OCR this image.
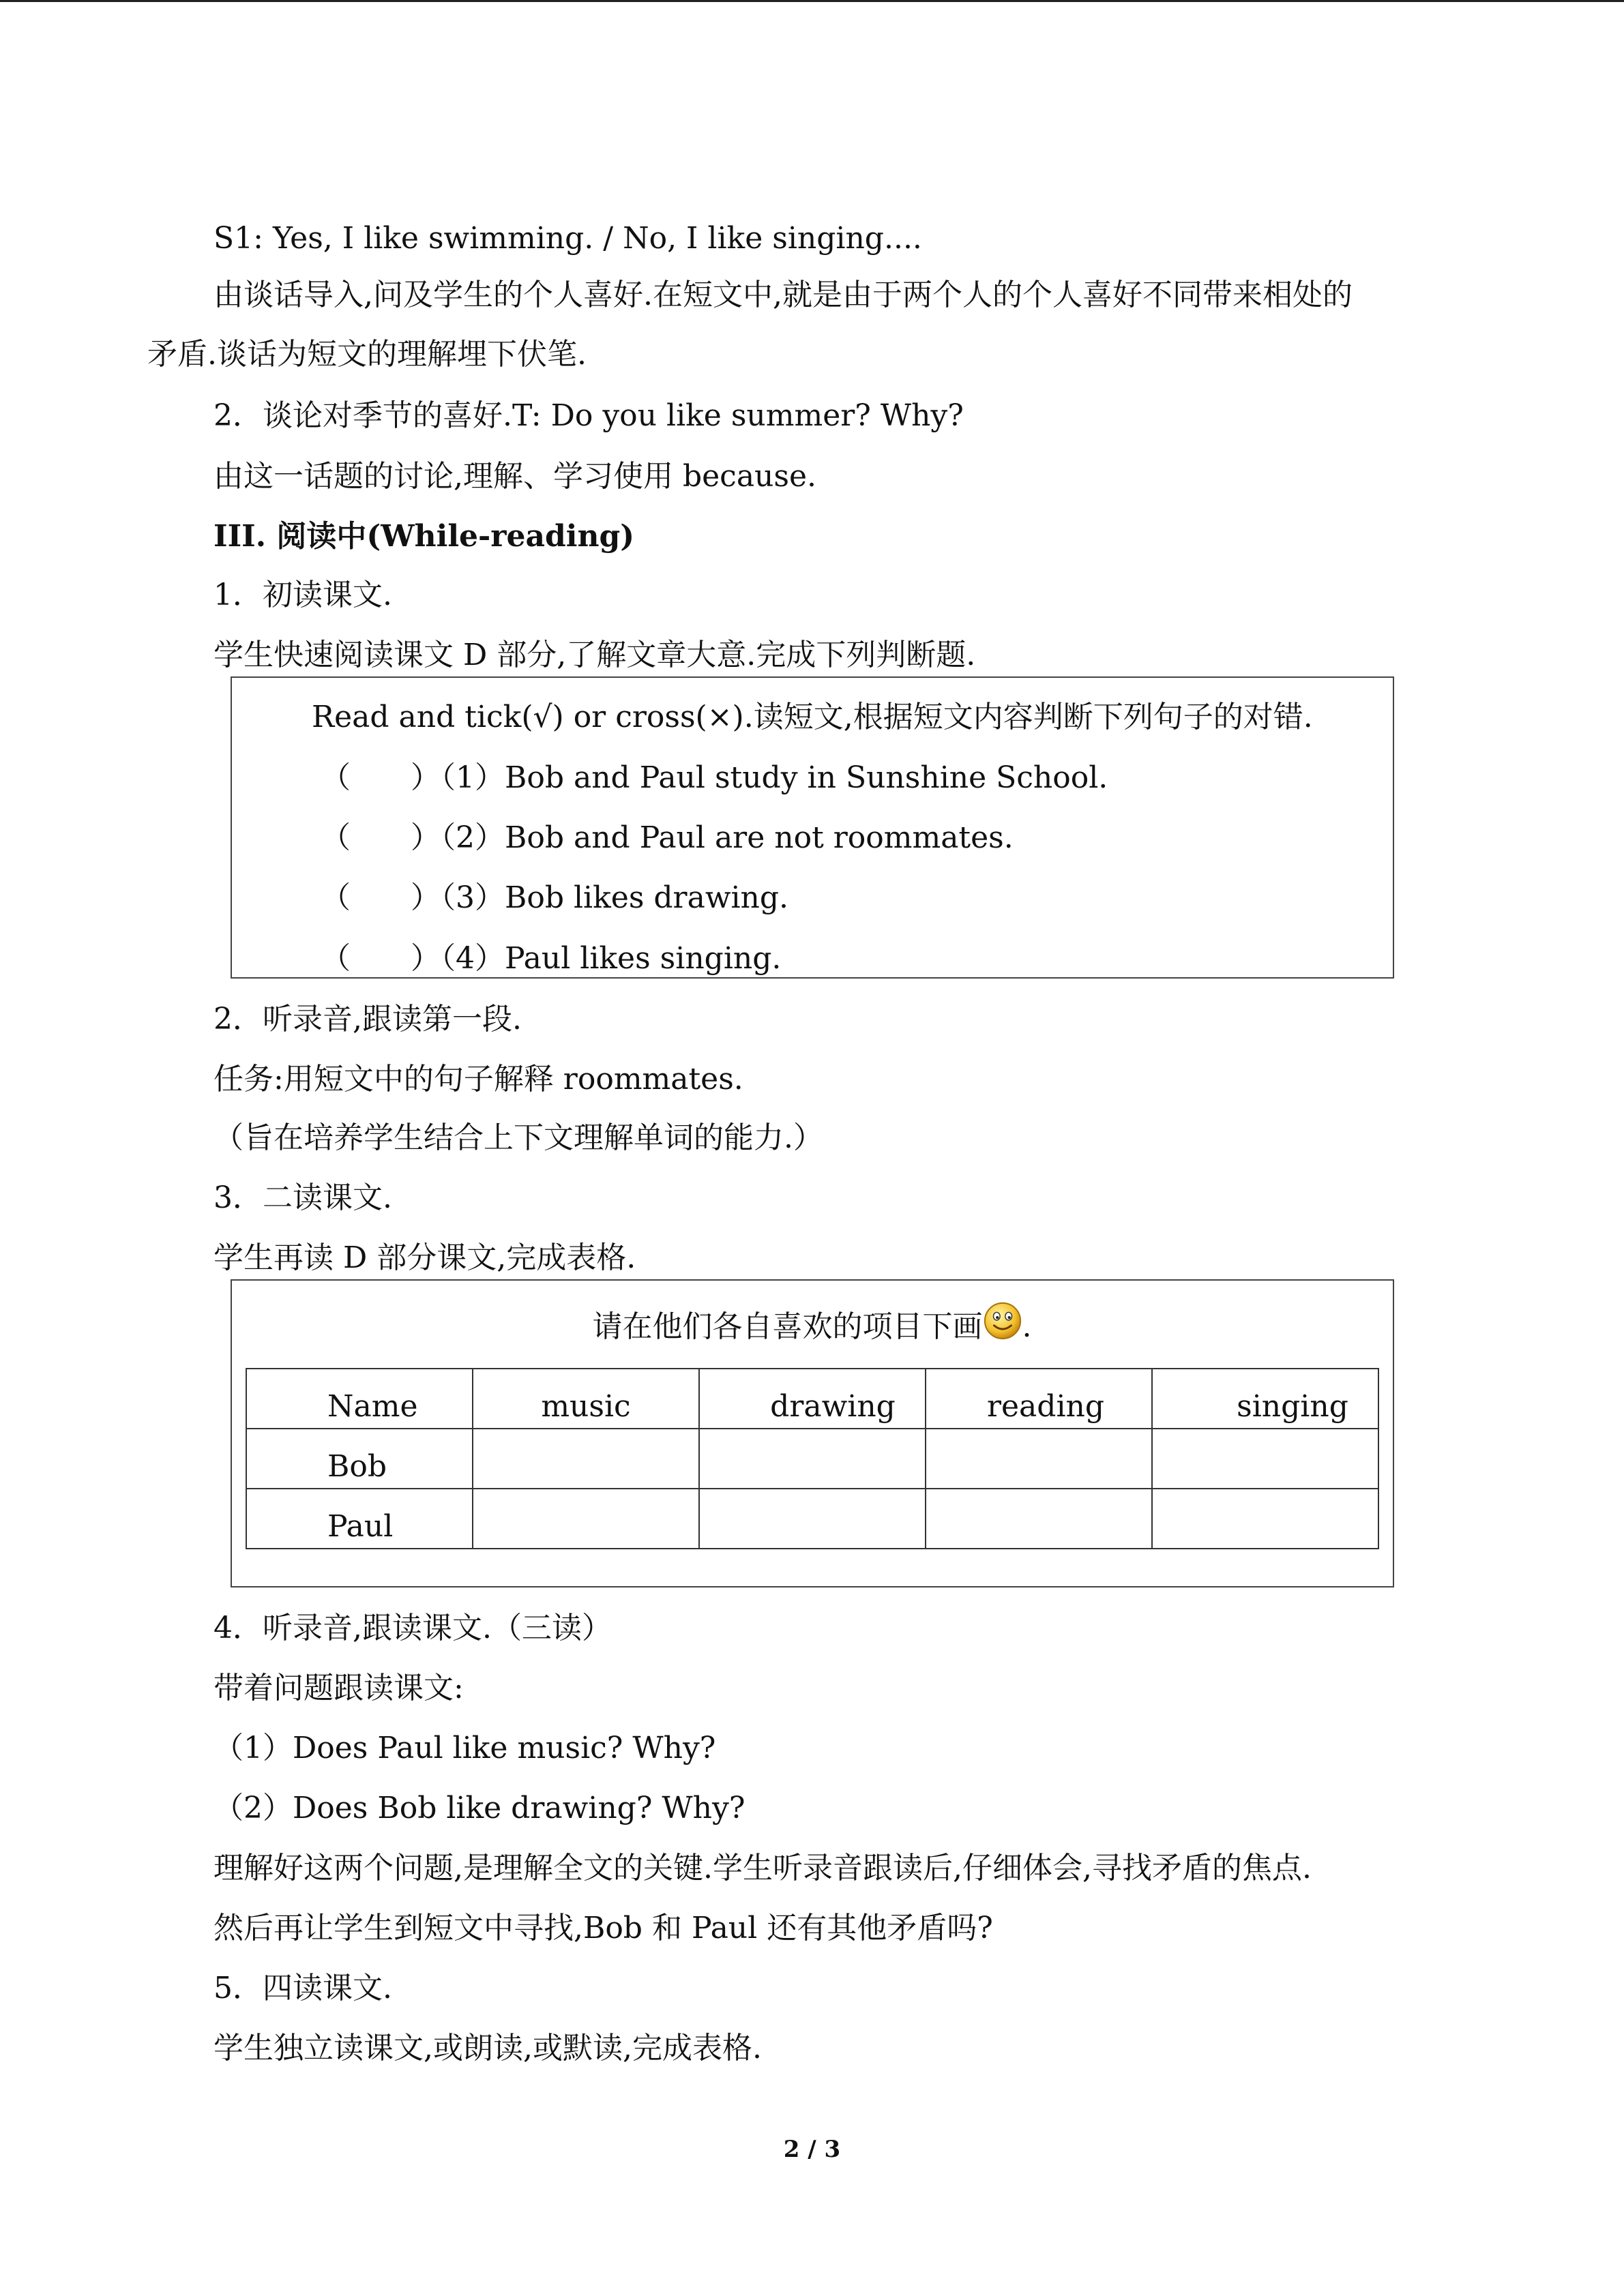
S1: Yes, I like swimming. / No, I like singing....
由谈话导入,问及学生的个人喜好.在短文中,就是由于两个人的个人喜好不同带来相处的
矛盾.谈话为短文的理解埋下伏笔.
2．谈论对季节的喜好.T: Do you like summer? Why?
由这一话题的讨论,理解、学习使用 because.
III. 阅读中(While-reading)
1．初读课文.
学生快速阅读课文 D 部分,了解文章大意.完成下列判断题.
Read and tick(√) or cross(×).读短文,根据短文内容判断下列句子的对错.
（　　）（1）Bob and Paul study in Sunshine School.
（　　）（2）Bob and Paul are not roommates.
（　　）（3）Bob likes drawing.
（　　）（4）Paul likes singing.
2．听录音,跟读第一段.
任务:用短文中的句子解释 roommates.
（旨在培养学生结合上下文理解单词的能力.）
3．二读课文.
学生再读 D 部分课文,完成表格.
请在他们各自喜欢的项目下画 .
Name	music	drawing	reading	singing
Bob				
Paul				
4．听录音,跟读课文.（三读）
带着问题跟读课文:
（1）Does Paul like music? Why?
（2）Does Bob like drawing? Why?
理解好这两个问题,是理解全文的关键.学生听录音跟读后,仔细体会,寻找矛盾的焦点.
然后再让学生到短文中寻找,Bob 和 Paul 还有其他矛盾吗?
5．四读课文.
学生独立读课文,或朗读,或默读,完成表格.
2 / 3
